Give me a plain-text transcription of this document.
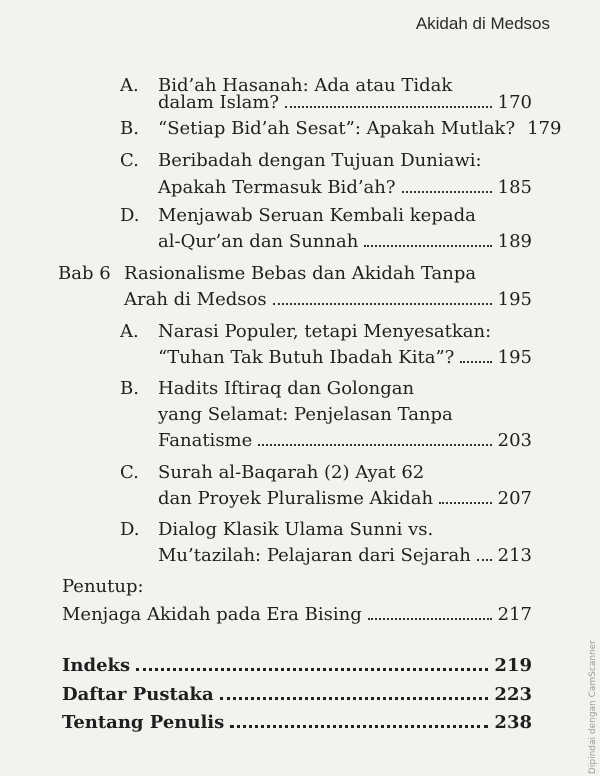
Akidah di Medsos
A. Bid’ah Hasanah: Ada atau Tidak
dalam Islam?	170
B. “Setiap Bid’ah Sesat”: Apakah Mutlak? 179
C. Beribadah dengan Tujuan Duniawi:
Apakah Termasuk Bid’ah?	185
D. Menjawab Seruan Kembali kepada
al-Qur’an dan Sunnah	189
Bab 6 Rasionalisme Bebas dan Akidah Tanpa
Arah di Medsos	195
A. Narasi Populer, tetapi Menyesatkan:
“Tuhan Tak Butuh Ibadah Kita”? 195
B. Hadits Iftiraq dan Golongan
yang Selamat: Penjelasan Tanpa
Fanatisme	203
C. Surah al-Baqarah (2) Ayat 62
dan Proyek Pluralisme Akidah	207
D. Dialog Klasik Ulama Sunni vs.
Mu’tazilah: Pelajaran dari Sejarah 213
Penutup:
Menjaga Akidah pada Era Bising	217
Indeks	219
Daftar Pustaka	223
Tentang Penulis	238	Dipindai dengan CamScanner
